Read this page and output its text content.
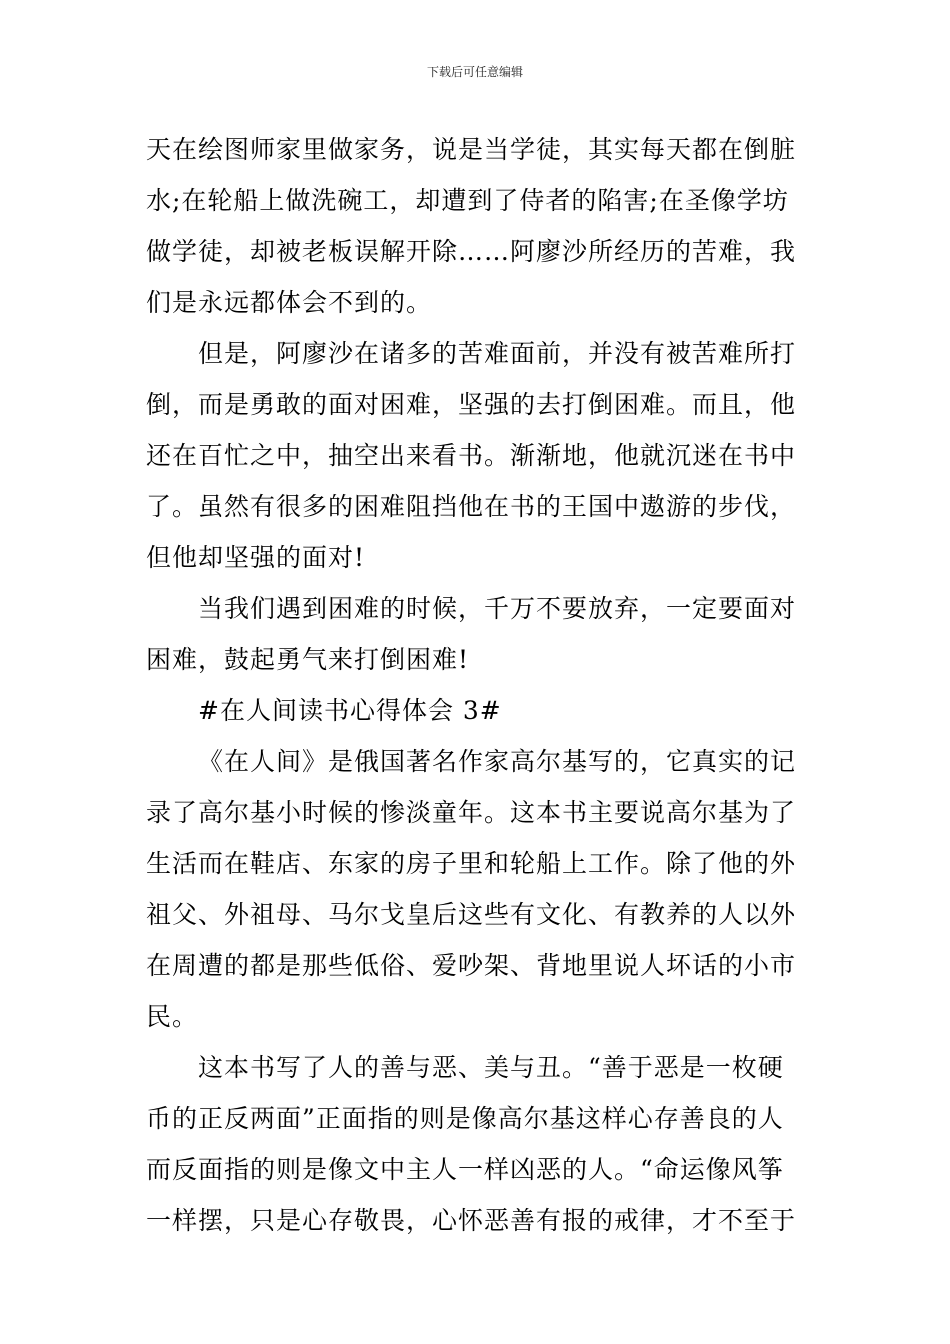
下载后可任意编辑

天在绘图师家里做家务，说是当学徒，其实每天都在倒脏
水;在轮船上做洗碗工，却遭到了侍者的陷害;在圣像学坊
做学徒，却被老板误解开除……阿廖沙所经历的苦难，我
们是永远都体会不到的。

但是，阿廖沙在诸多的苦难面前，并没有被苦难所打
倒，而是勇敢的面对困难，坚强的去打倒困难。而且，他
还在百忙之中，抽空出来看书。渐渐地，他就沉迷在书中
了。虽然有很多的困难阻挡他在书的王国中遨游的步伐，
但他却坚强的面对!

当我们遇到困难的时候，千万不要放弃，一定要面对
困难，鼓起勇气来打倒困难!

#在人间读书心得体会 3#

《在人间》是俄国著名作家高尔基写的，它真实的记
录了高尔基小时候的惨淡童年。这本书主要说高尔基为了
生活而在鞋店、东家的房子里和轮船上工作。除了他的外
祖父、外祖母、马尔戈皇后这些有文化、有教养的人以外
在周遭的都是那些低俗、爱吵架、背地里说人坏话的小市
民。

这本书写了人的善与恶、美与丑。“善于恶是一枚硬
币的正反两面”正面指的则是像高尔基这样心存善良的人
而反面指的则是像文中主人一样凶恶的人。“命运像风筝
一样摆，只是心存敬畏，心怀恶善有报的戒律，才不至于
